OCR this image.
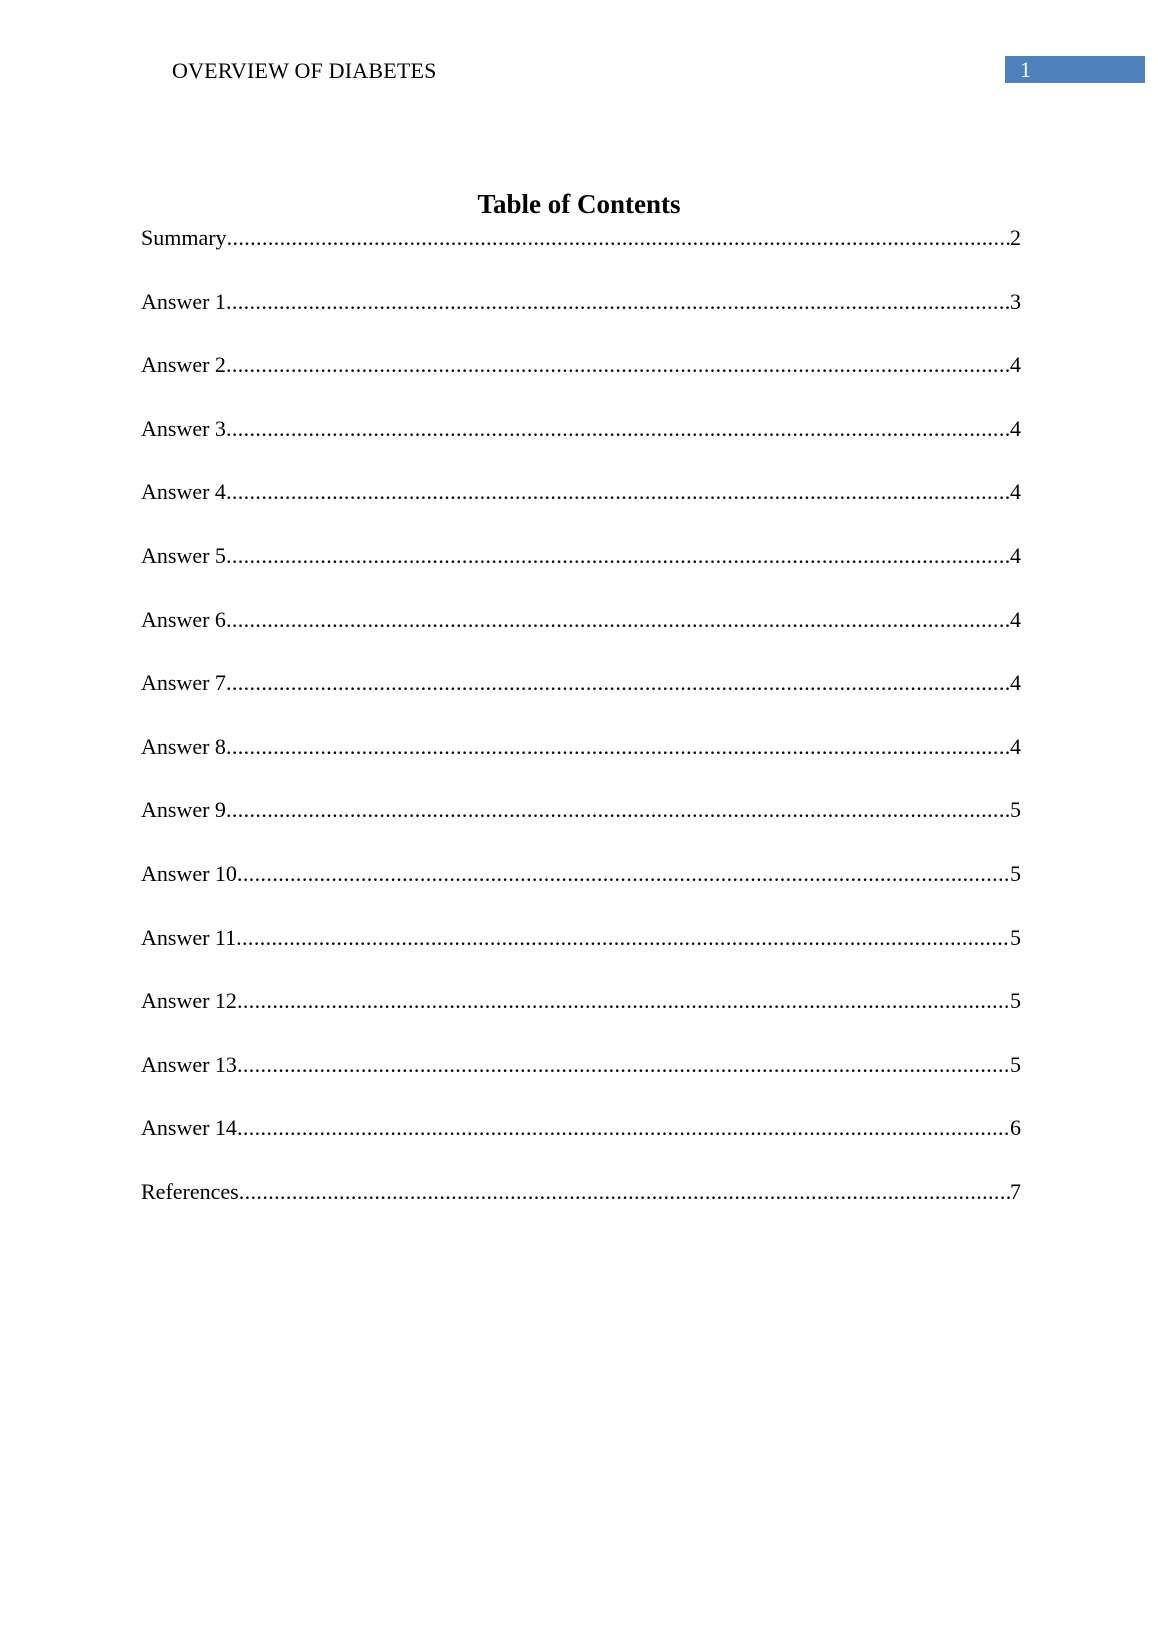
OVERVIEW OF DIABETES	1
Table of Contents
Summary .....	2
Answer 1 .....	3
Answer 2 .....	4
Answer 3 .....	4
Answer 4 .....	4
Answer 5 .....	4
Answer 6 .....	4
Answer 7 .....	4
Answer 8 .....	4
Answer 9 .....	5
Answer 10 .....	5
Answer 11 .....	5
Answer 12 .....	5
Answer 13 .....	5
Answer 14 .....	6
References .....	7
